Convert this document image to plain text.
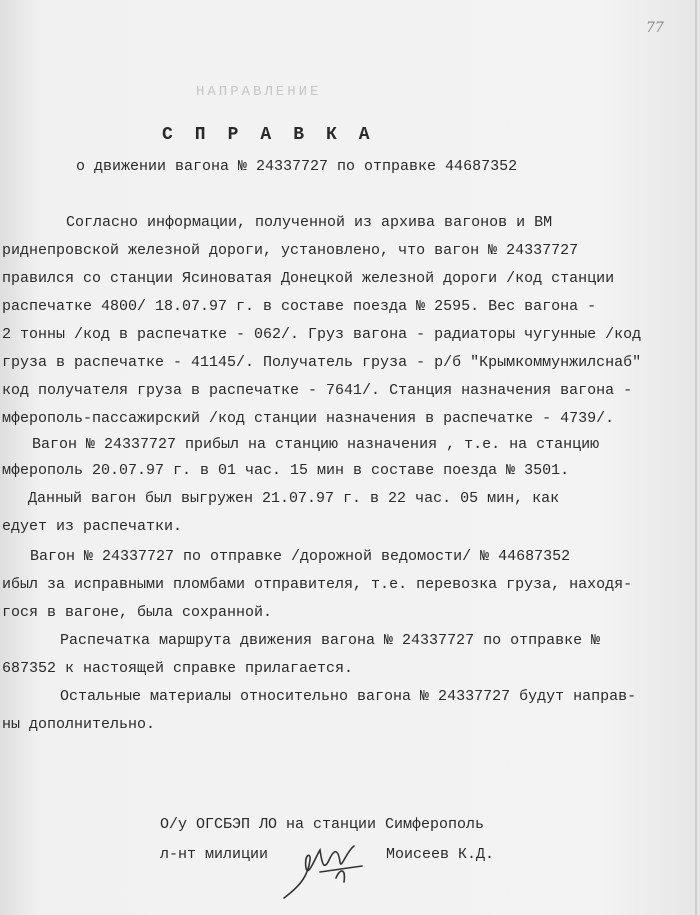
77
НАПРАВЛЕНИЕ
СПРАВКА
о движении вагона № 24337727 по отправке 44687352
Согласно информации, полученной из архива вагонов и ВМ
риднепровской железной дороги, установлено, что вагон № 24337727
правился со станции Ясиноватая Донецкой железной дороги /код станции
распечатке 4800/ 18.07.97 г. в составе поезда № 2595. Вес вагона -
2 тонны /код в распечатке - 062/. Груз вагона - радиаторы чугунные /код
груза в распечатке - 41145/. Получатель груза - р/б "Крымкоммунжилснаб"
код получателя груза в распечатке - 7641/. Станция назначения вагона -
мферополь-пассажирский /код станции назначения в распечатке - 4739/.
Вагон № 24337727 прибыл на станцию назначения , т.е. на станцию
мферополь 20.07.97 г. в 01 час. 15 мин в составе поезда № 3501.
Данный вагон был выгружен 21.07.97 г. в 22 час. 05 мин, как
едует из распечатки.
Вагон № 24337727 по отправке /дорожной ведомости/ № 44687352
ибыл за исправными пломбами отправителя, т.е. перевозка груза, находя-
гося в вагоне, была сохранной.
Распечатка маршрута движения вагона № 24337727 по отправке №
687352 к настоящей справке прилагается.
Остальные материалы относительно вагона № 24337727 будут направ-
ны дополнительно.
О/у ОГСБЭП ЛО на станции Симферополь
л-нт милиции	Моисеев К.Д.
